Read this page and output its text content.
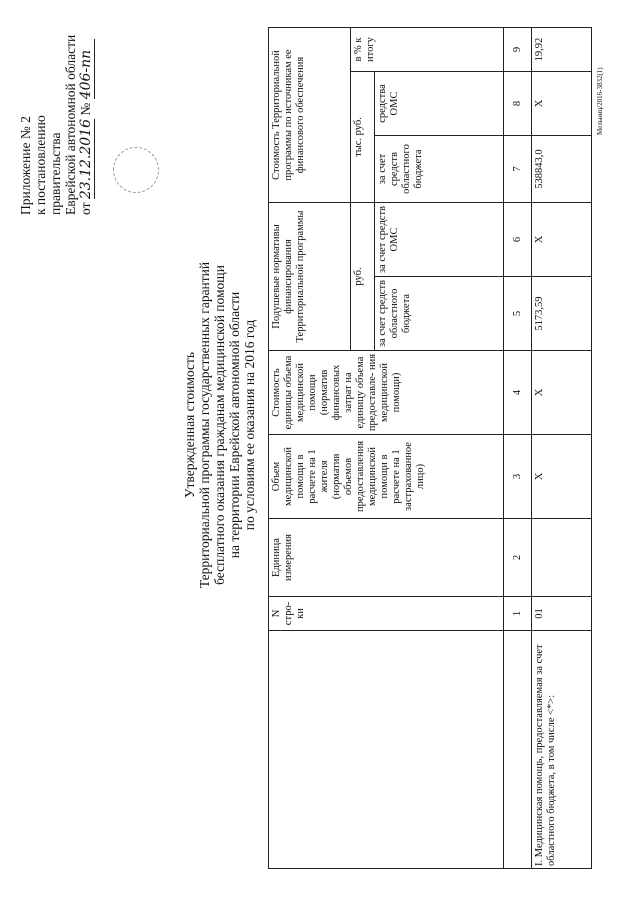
Приложение № 2 к постановлению правительства Еврейской автономной области от 23.12.2016 № 406-пп
Утвержденная стоимость Территориальной программы государственных гарантий бесплатного оказания гражданам медицинской помощи на территории Еврейской автономной области по условиям ее оказания на 2016 год
N стро- ки
Единица измерения
Объем медицинской помощи в расчете на 1 жителя (норматив объемов предоставления медицинской помощи в расчете на 1 застрахованное лицо)
Стоимость единицы объема медицинской помощи (норматив финансовых затрат на единицу объема предоставле- ния медицинской помощи)
Подушевые нормативы финансирования Территориальной программы	руб.
за счет средств областного бюджета
за счет средств ОМС
Стоимость Территориальной программы по источникам ее финансового обеспечения	тыс. руб.
за счет средств областного бюджета
средства ОМС
в % к итогу
1
2
3
4
5
6
7
8
9
I. Медицинская помощь, предоставляемая за счет областного бюджета, в том числе <*>:
01
X
X
5173,59
X
538843,0
X
19,92
Мельниц/2016-3832(1)
